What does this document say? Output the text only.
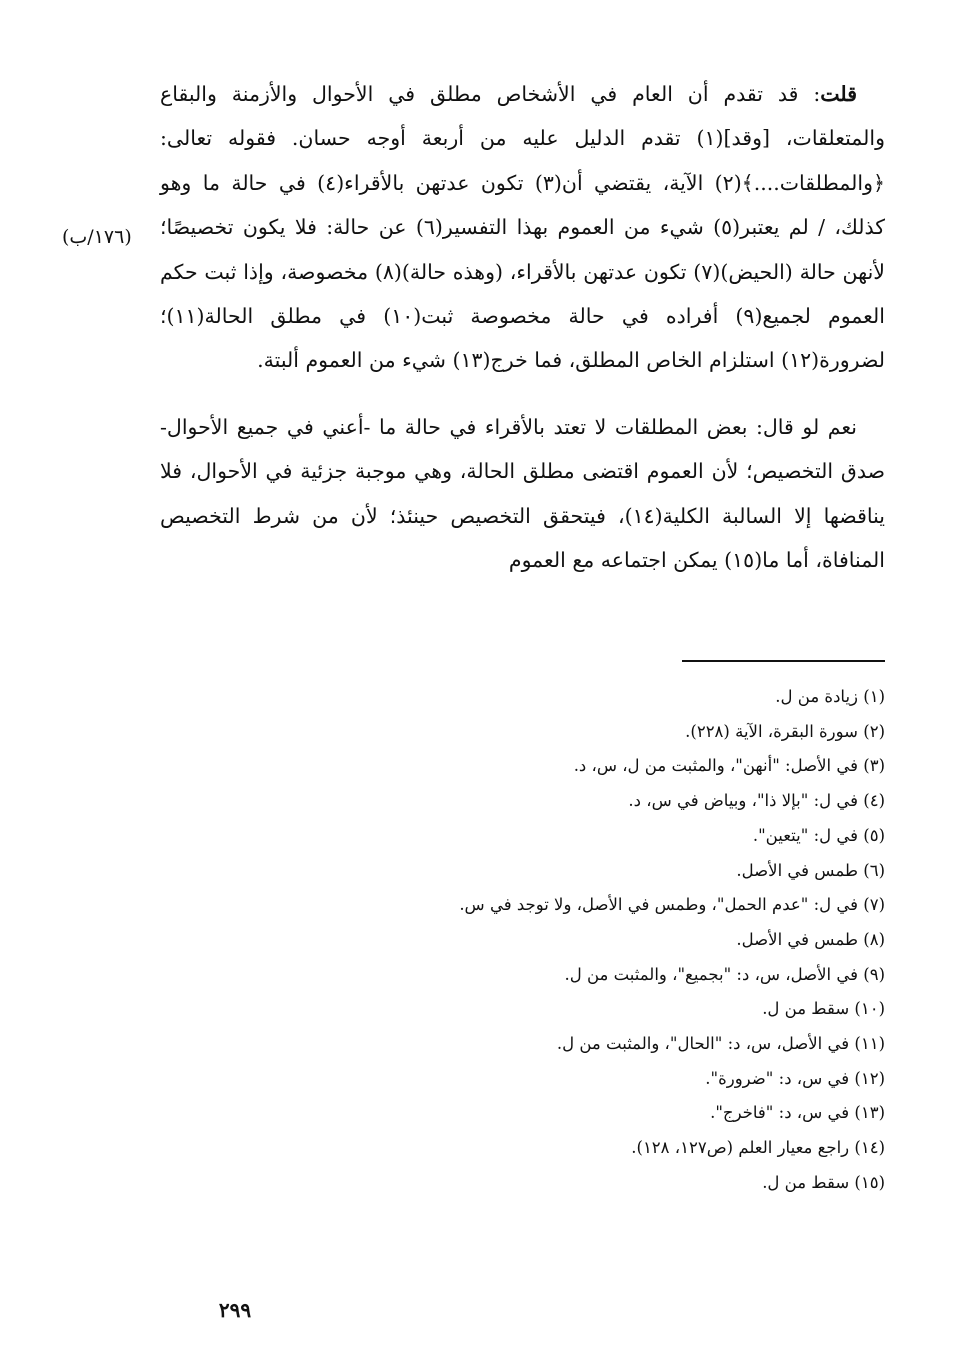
(١٧٦/ب)

قلت: قد تقدم أن العام في الأشخاص مطلق في الأحوال والأزمنة والبقاع والمتعلقات، [وقد](١) تقدم الدليل عليه من أربعة أوجه حسان. فقوله تعالى: ﴿والمطلقات....﴾(٢) الآية، يقتضي أن(٣) تكون عدتهن بالأقراء(٤) في حالة ما وهو كذلك، / لم يعتبر(٥) شيء من العموم بهذا التفسير(٦) عن حالة: فلا يكون تخصيصًا؛ لأنهن حالة (الحيض)(٧) تكون عدتهن بالأقراء، (وهذه حالة)(٨) مخصوصة، وإذا ثبت حكم العموم لجميع(٩) أفراده في حالة مخصوصة ثبت(١٠) في مطلق الحالة(١١)؛ لضرورة(١٢) استلزام الخاص المطلق، فما خرج(١٣) شيء من العموم ألبتة.

نعم لو قال: بعض المطلقات لا تعتد بالأقراء في حالة ما -أعني في جميع الأحوال- صدق التخصيص؛ لأن العموم اقتضى مطلق الحالة، وهي موجبة جزئية في الأحوال، فلا يناقضها إلا السالبة الكلية(١٤)، فيتحقق التخصيص حينئذ؛ لأن من شرط التخصيص المنافاة، أما ما(١٥) يمكن اجتماعه مع العموم

(١) زيادة من ل.
(٢) سورة البقرة، الآية (٢٢٨).
(٣) في الأصل: "أنهن"، والمثبت من ل، س، د.
(٤) في ل: "بإلا ذا"، وبياض في س، د.
(٥) في ل: "يتعين".
(٦) طمس في الأصل.
(٧) في ل: "عدم الحمل"، وطمس في الأصل، ولا توجد في س.
(٨) طمس في الأصل.
(٩) في الأصل، س، د: "بجميع"، والمثبت من ل.
(١٠) سقط من ل.
(١١) في الأصل، س، د: "الحال"، والمثبت من ل.
(١٢) في س، د: "ضرورة".
(١٣) في س، د: "فاخرج".
(١٤) راجع معيار العلم (ص١٢٧، ١٢٨).
(١٥) سقط من ل.
٢٩٩
